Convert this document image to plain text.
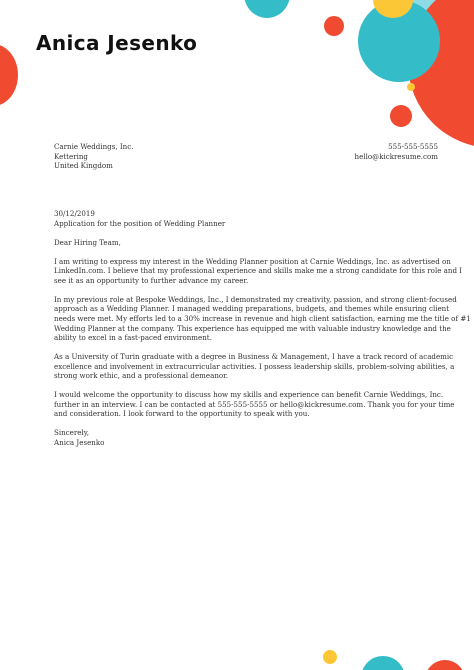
Anica Jesenko
Carnie Weddings, Inc.
Kettering
United Kingdom
555-555-5555
hello@kickresume.com
30/12/2019
Application for the position of Wedding Planner
Dear Hiring Team,
I am writing to express my interest in the Wedding Planner position at Carnie Weddings, Inc. as advertised on
LinkedIn.com. I believe that my professional experience and skills make me a strong candidate for this role and I
see it as an opportunity to further advance my career.
In my previous role at Bespoke Weddings, Inc., I demonstrated my creativity, passion, and strong client-focused
approach as a Wedding Planner. I managed wedding preparations, budgets, and themes while ensuring client
needs were met. My efforts led to a 30% increase in revenue and high client satisfaction, earning me the title of #1
Wedding Planner at the company. This experience has equipped me with valuable industry knowledge and the
ability to excel in a fast-paced environment.
As a University of Turin graduate with a degree in Business & Management, I have a track record of academic
excellence and involvement in extracurricular activities. I possess leadership skills, problem-solving abilities, a
strong work ethic, and a professional demeanor.
I would welcome the opportunity to discuss how my skills and experience can benefit Carnie Weddings, Inc.
further in an interview. I can be contacted at 555-555-5555 or hello@kickresume.com. Thank you for your time
and consideration. I look forward to the opportunity to speak with you.
Sincerely,
Anica Jesenko
